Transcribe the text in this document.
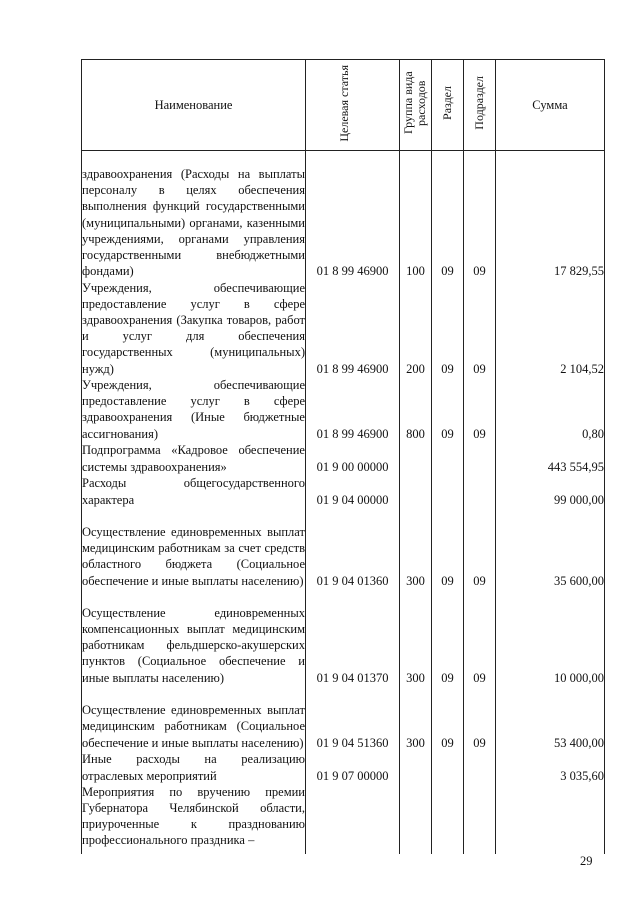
Наименование	Целевая статья	Группа вида расходов	Раздел	Подраздел	Сумма
здравоохранения (Расходы на выплаты персоналу в целях обеспечения выполнения функций государственными (муниципальными) органами, казенными учреждениями, органами управления государственными внебюджетными фондами)	01 8 99 46900	100	09	09	17 829,55
Учреждения, обеспечивающие предоставление услуг в сфере здравоохранения (Закупка товаров, работ и услуг для обеспечения государственных (муниципальных) нужд)	01 8 99 46900	200	09	09	2 104,52
Учреждения, обеспечивающие предоставление услуг в сфере здравоохранения (Иные бюджетные ассигнования)	01 8 99 46900	800	09	09	0,80
Подпрограмма «Кадровое обеспечение системы здравоохранения»	01 9 00 00000				443 554,95
Расходы общегосударственного характера	01 9 04 00000				99 000,00
Осуществление единовременных выплат медицинским работникам за счет средств областного бюджета (Социальное обеспечение и иные выплаты населению)	01 9 04 01360	300	09	09	35 600,00
Осуществление единовременных компенсационных выплат медицинским работникам фельдшерско-акушерских пунктов (Социальное обеспечение и иные выплаты населению)	01 9 04 01370	300	09	09	10 000,00
Осуществление единовременных выплат медицинским работникам (Социальное обеспечение и иные выплаты населению)	01 9 04 51360	300	09	09	53 400,00
Иные расходы на реализацию отраслевых мероприятий	01 9 07 00000				3 035,60
Мероприятия по вручению премии Губернатора Челябинской области, приуроченные к празднованию профессионального праздника –					
29
